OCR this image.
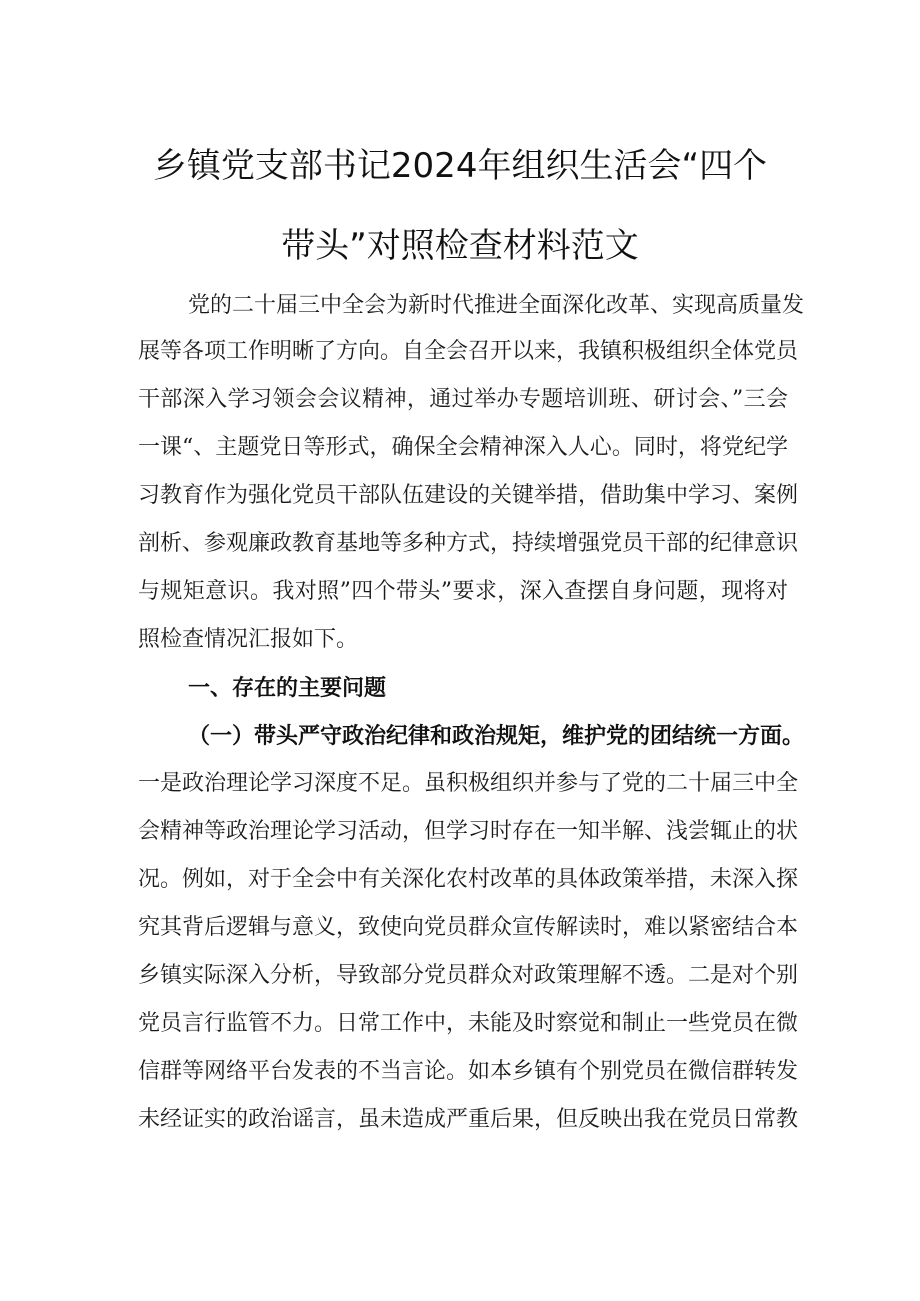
乡镇党支部书记2024年组织生活会“四个
带头”对照检查材料范文
党的二十届三中全会为新时代推进全面深化改革、实现高质量发
展等各项工作明晰了方向。自全会召开以来，我镇积极组织全体党员
干部深入学习领会会议精神，通过举办专题培训班、研讨会、”三会
一课“、主题党日等形式，确保全会精神深入人心。同时，将党纪学
习教育作为强化党员干部队伍建设的关键举措，借助集中学习、案例
剖析、参观廉政教育基地等多种方式，持续增强党员干部的纪律意识
与规矩意识。我对照”四个带头”要求，深入查摆自身问题，现将对
照检查情况汇报如下。
一、存在的主要问题
（一）带头严守政治纪律和政治规矩，维护党的团结统一方面。
一是政治理论学习深度不足。虽积极组织并参与了党的二十届三中全
会精神等政治理论学习活动，但学习时存在一知半解、浅尝辄止的状
况。例如，对于全会中有关深化农村改革的具体政策举措，未深入探
究其背后逻辑与意义，致使向党员群众宣传解读时，难以紧密结合本
乡镇实际深入分析，导致部分党员群众对政策理解不透。二是对个别
党员言行监管不力。日常工作中，未能及时察觉和制止一些党员在微
信群等网络平台发表的不当言论。如本乡镇有个别党员在微信群转发
未经证实的政治谣言，虽未造成严重后果，但反映出我在党员日常教
